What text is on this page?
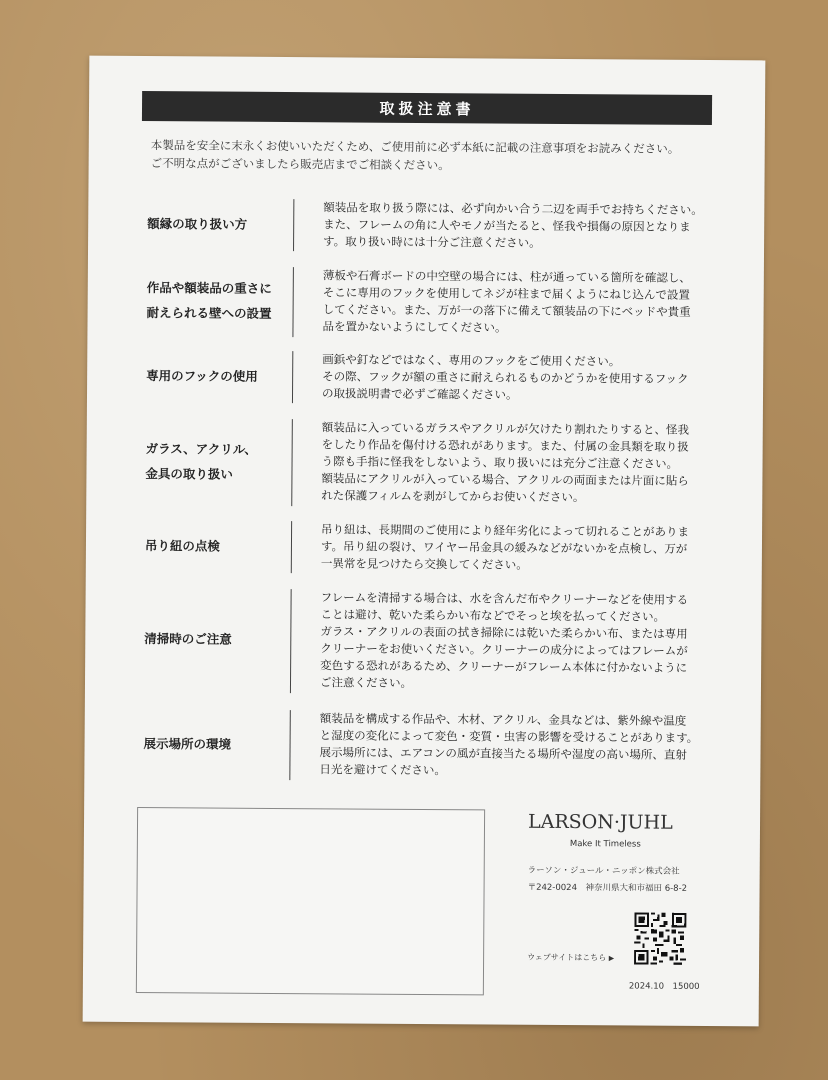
取扱注意書
本製品を安全に末永くお使いいただくため、ご使用前に必ず本紙に記載の注意事項をお読みください。
ご不明な点がございましたら販売店までご相談ください。
額縁の取り扱い方
額装品を取り扱う際には、必ず向かい合う二辺を両手でお持ちください。
また、フレームの角に人やモノが当たると、怪我や損傷の原因となりま
す。取り扱い時には十分ご注意ください。
作品や額装品の重さに
耐えられる壁への設置
薄板や石膏ボードの中空壁の場合には、柱が通っている箇所を確認し、
そこに専用のフックを使用してネジが柱まで届くようにねじ込んで設置
してください。また、万が一の落下に備えて額装品の下にベッドや貴重
品を置かないようにしてください。
専用のフックの使用
画鋲や釘などではなく、専用のフックをご使用ください。
その際、フックが額の重さに耐えられるものかどうかを使用するフック
の取扱説明書で必ずご確認ください。
ガラス、アクリル、
金具の取り扱い
額装品に入っているガラスやアクリルが欠けたり割れたりすると、怪我
をしたり作品を傷付ける恐れがあります。また、付属の金具類を取り扱
う際も手指に怪我をしないよう、取り扱いには充分ご注意ください。
額装品にアクリルが入っている場合、アクリルの両面または片面に貼ら
れた保護フィルムを剥がしてからお使いください。
吊り紐の点検
吊り紐は、長期間のご使用により経年劣化によって切れることがありま
す。吊り紐の裂け、ワイヤー吊金具の緩みなどがないかを点検し、万が
一異常を見つけたら交換してください。
清掃時のご注意
フレームを清掃する場合は、水を含んだ布やクリーナーなどを使用する
ことは避け、乾いた柔らかい布などでそっと埃を払ってください。
ガラス・アクリルの表面の拭き掃除には乾いた柔らかい布、または専用
クリーナーをお使いください。クリーナーの成分によってはフレームが
変色する恐れがあるため、クリーナーがフレーム本体に付かないように
ご注意ください。
展示場所の環境
額装品を構成する作品や、木材、アクリル、金具などは、紫外線や温度
と湿度の変化によって変色・変質・虫害の影響を受けることがあります。
展示場所には、エアコンの風が直接当たる場所や湿度の高い場所、直射
日光を避けてください。
LARSON·JUHL
Make It Timeless
ラーソン・ジュール・ニッポン株式会社
〒242-0024　神奈川県大和市福田 6-8-2
ウェブサイトはこちら ▶
2024.10　15000
